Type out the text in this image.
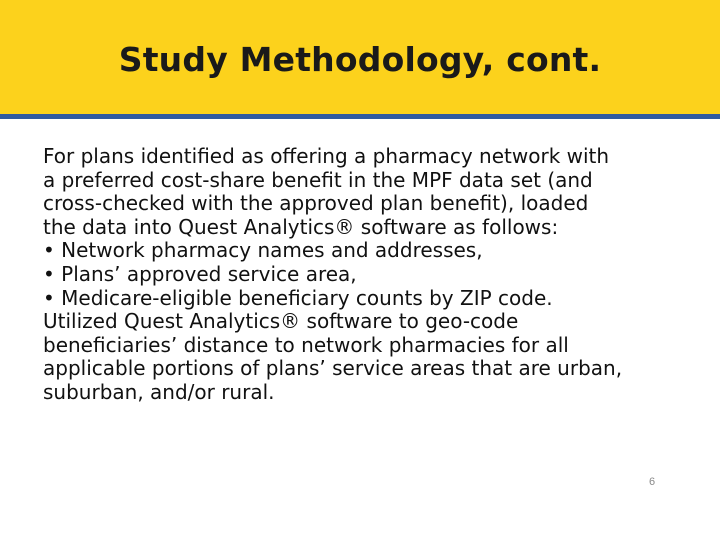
Study Methodology, cont.
For plans identified as offering a pharmacy network with
a preferred cost-share benefit in the MPF data set (and
cross-checked with the approved plan benefit), loaded
the data into Quest Analytics® software as follows:
• Network pharmacy names and addresses,
• Plans’ approved service area,
• Medicare-eligible beneficiary counts by ZIP code.
Utilized Quest Analytics® software to geo-code
beneficiaries’ distance to network pharmacies for all
applicable portions of plans’ service areas that are urban,
suburban, and/or rural.
6
